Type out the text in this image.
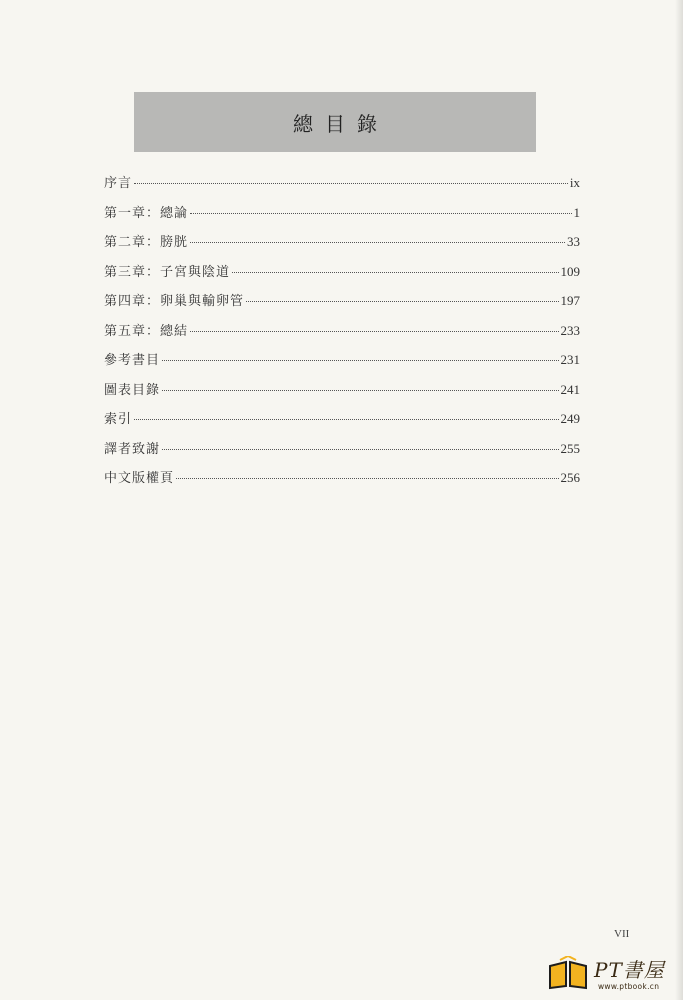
總目錄
序言	ix
第一章：總論	1
第二章：膀胱	33
第三章：子宮與陰道	109
第四章：卵巢與輸卵管	197
第五章：總結	233
參考書目	231
圖表目錄	241
索引	249
譯者致謝	255
中文版權頁	256
VII
PT書屋
www.ptbook.cn
